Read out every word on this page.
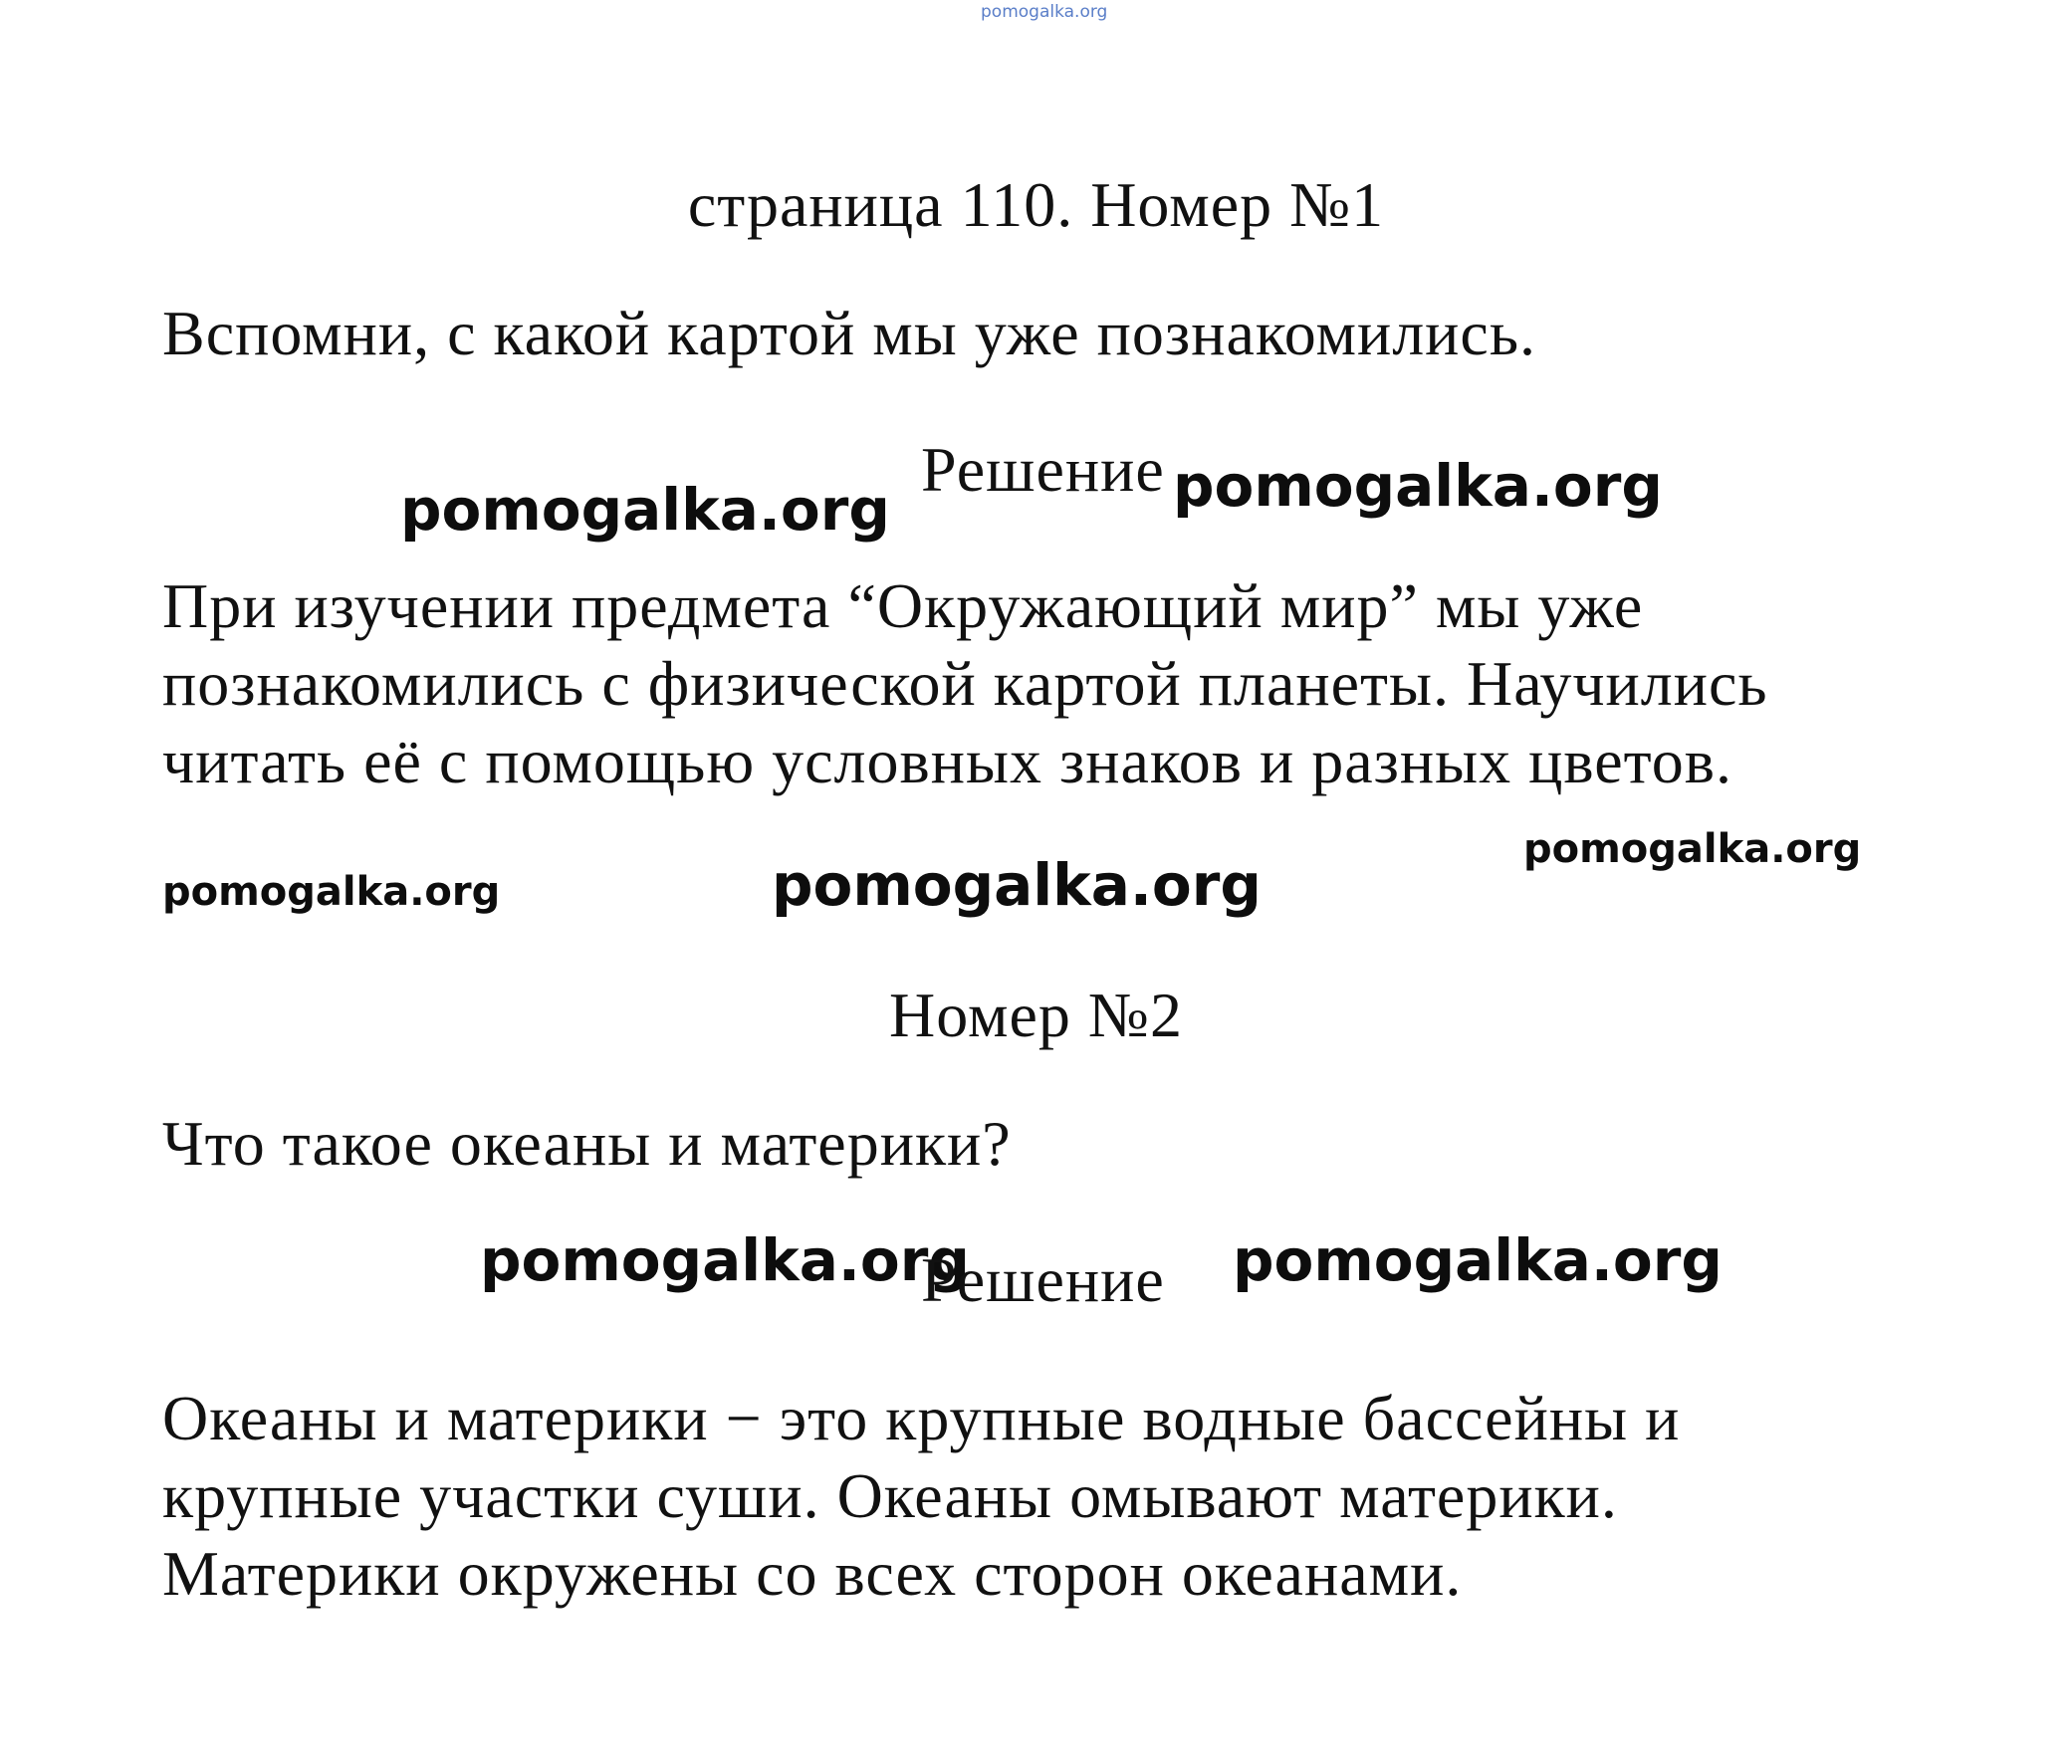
pomogalka.org
страница 110. Номер №1
Вспомни, с какой картой мы уже познакомились.
pomogalka.org
Решение pomogalka.org
При изучении предмета “Окружающий мир” мы уже
познакомились с физической картой планеты. Научились
читать её с помощью условных знаков и разных цветов.
pomogalka.org
pomogalka.org	pomogalka.org
Номер №2
Что такое океаны и материки?
pomogalka.org
Решение pomogalka.org
Океаны и материки − это крупные водные бассейны и
крупные участки суши. Океаны омывают материки.
Материки окружены со всех сторон океанами.
